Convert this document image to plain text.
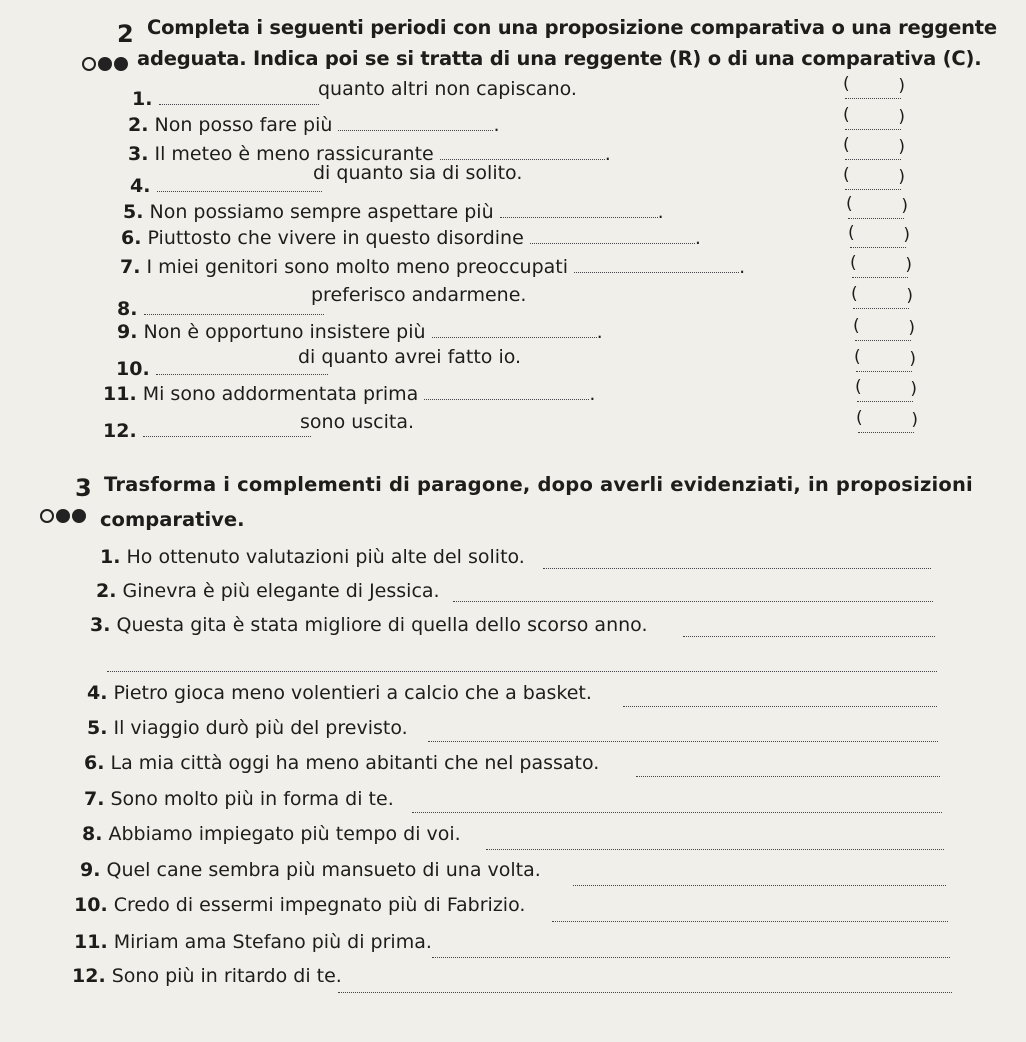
2 Completa i seguenti periodi con una proposizione comparativa o una reggente
adeguata. Indica poi se si tratta di una reggente (R) o di una comparativa (C).
1.	quanto altri non capiscano.
( )
2. Non posso fare più	.
( )
3. Il meteo è meno rassicurante	.
( )
4.
di quanto sia di solito.
( )
5. Non possiamo sempre aspettare più	.
( )
6. Piuttosto che vivere in questo disordine	.
( )
7. I miei genitori sono molto meno preoccupati	.
( )
8.
preferisco andarmene.
( )
9. Non è opportuno insistere più	.
( )
10.
di quanto avrei fatto io.
( )
11. Mi sono addormentata prima	.
( )
12.	sono uscita.
( )
3 Trasforma i complementi di paragone, dopo averli evidenziati, in proposizioni
comparative.
1. Ho ottenuto valutazioni più alte del solito.
2. Ginevra è più elegante di Jessica.
3. Questa gita è stata migliore di quella dello scorso anno.
4. Pietro gioca meno volentieri a calcio che a basket.
5. Il viaggio durò più del previsto.
6. La mia città oggi ha meno abitanti che nel passato.
7. Sono molto più in forma di te.
8. Abbiamo impiegato più tempo di voi.
9. Quel cane sembra più mansueto di una volta.
10. Credo di essermi impegnato più di Fabrizio.
11. Miriam ama Stefano più di prima.
12. Sono più in ritardo di te.
